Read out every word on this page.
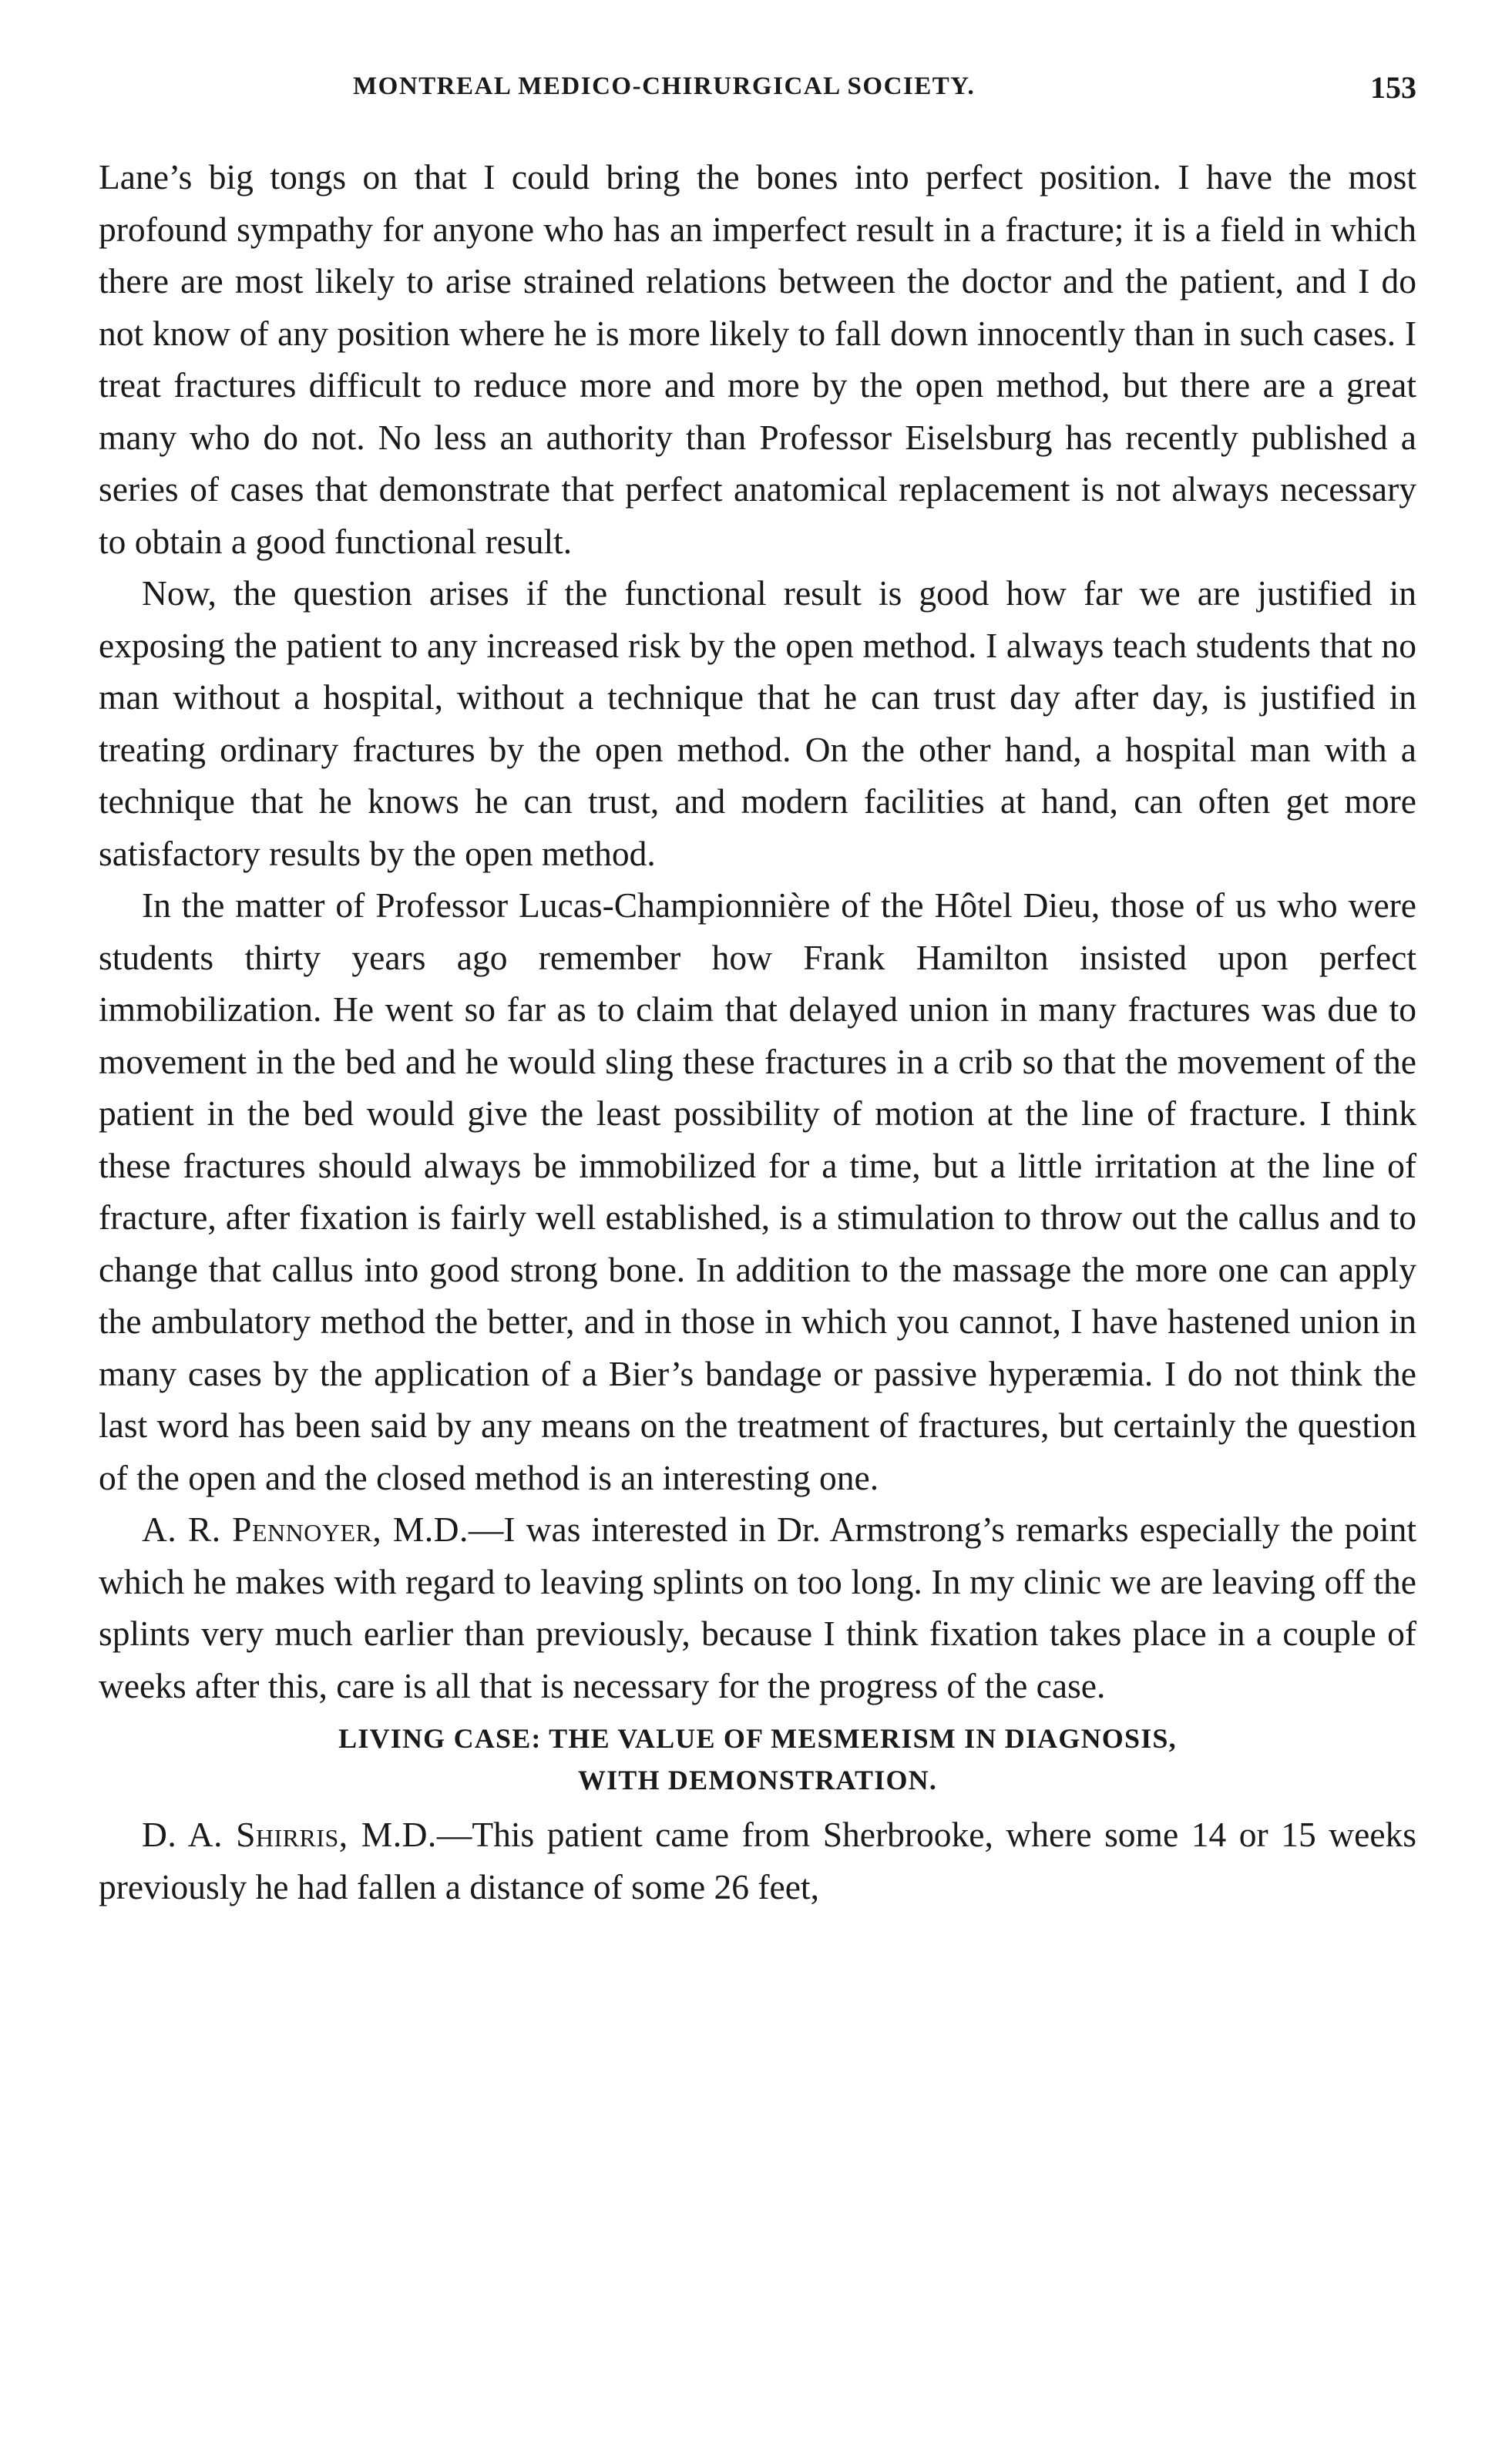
MONTREAL MEDICO-CHIRURGICAL SOCIETY.	153

Lane’s big tongs on that I could bring the bones into perfect position. I have the most profound sympathy for anyone who has an imperfect result in a fracture; it is a field in which there are most likely to arise strained relations between the doctor and the patient, and I do not know of any position where he is more likely to fall down innocently than in such cases. I treat fractures difficult to reduce more and more by the open method, but there are a great many who do not. No less an authority than Professor Eiselsburg has recently published a series of cases that demonstrate that perfect anatomical replacement is not always necessary to obtain a good functional result.

Now, the question arises if the functional result is good how far we are justified in exposing the patient to any increased risk by the open method. I always teach students that no man without a hospital, without a technique that he can trust day after day, is justified in treating ordinary fractures by the open method. On the other hand, a hospital man with a technique that he knows he can trust, and modern facilities at hand, can often get more satisfactory results by the open method.

In the matter of Professor Lucas-Championnière of the Hôtel Dieu, those of us who were students thirty years ago remember how Frank Hamilton insisted upon perfect immobilization. He went so far as to claim that delayed union in many fractures was due to movement in the bed and he would sling these fractures in a crib so that the movement of the patient in the bed would give the least possibility of motion at the line of fracture. I think these fractures should always be immobilized for a time, but a little irritation at the line of fracture, after fixation is fairly well established, is a stimulation to throw out the callus and to change that callus into good strong bone. In addition to the massage the more one can apply the ambulatory method the better, and in those in which you cannot, I have hastened union in many cases by the application of a Bier’s bandage or passive hyperæmia. I do not think the last word has been said by any means on the treatment of fractures, but certainly the question of the open and the closed method is an interesting one.

A. R. Pennoyer, M.D.—I was interested in Dr. Armstrong’s remarks especially the point which he makes with regard to leaving splints on too long. In my clinic we are leaving off the splints very much earlier than previously, because I think fixation takes place in a couple of weeks after this, care is all that is necessary for the progress of the case.

LIVING CASE: THE VALUE OF MESMERISM IN DIAGNOSIS,
WITH DEMONSTRATION.

D. A. Shirris, M.D.—This patient came from Sherbrooke, where some 14 or 15 weeks previously he had fallen a distance of some 26 feet,
